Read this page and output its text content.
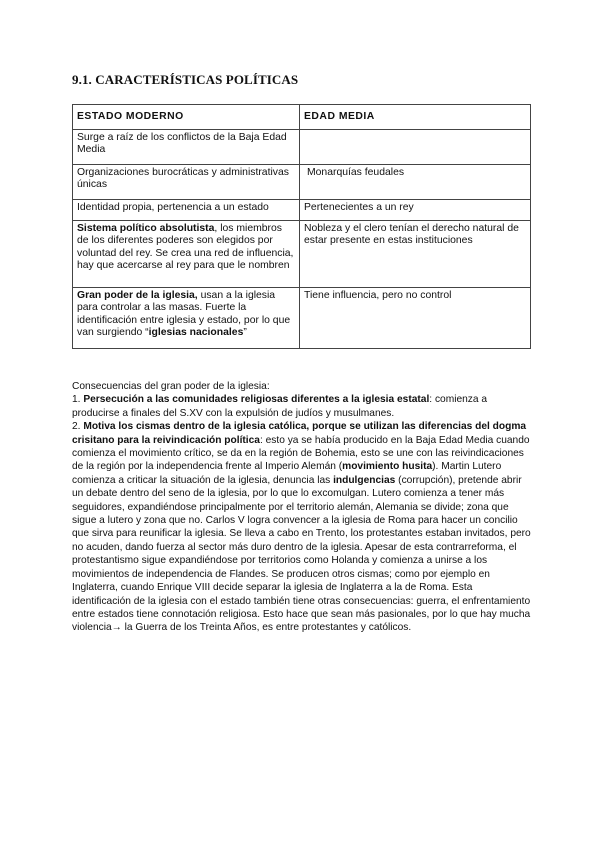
9.1. CARACTERÍSTICAS POLÍTICAS
ESTADO MODERNO	EDAD MEDIA
Surge a raíz de los conflictos de la Baja Edad Media	
Organizaciones burocráticas y administrativas únicas	Monarquías feudales
Identidad propia, pertenencia a un estado	Pertenecientes a un rey
Sistema político absolutista, los miembros de los diferentes poderes son elegidos por voluntad del rey. Se crea una red de influencia, hay que acercarse al rey para que le nombren	Nobleza y el clero tenían el derecho natural de estar presente en estas instituciones
Gran poder de la iglesia, usan a la iglesia para controlar a las masas. Fuerte la identificación entre iglesia y estado, por lo que van surgiendo “iglesias nacionales”	Tiene influencia, pero no control

Consecuencias del gran poder de la iglesia:

1. Persecución a las comunidades religiosas diferentes a la iglesia estatal: comienza a producirse a finales del S.XV con la expulsión de judíos y musulmanes.

2. Motiva los cismas dentro de la iglesia católica, porque se utilizan las diferencias del dogma crisitano para la reivindicación política: esto ya se había producido en la Baja Edad Media cuando comienza el movimiento crítico, se da en la región de Bohemia, esto se une con las reivindicaciones de la región por la independencia frente al Imperio Alemán (movimiento husita). Martin Lutero comienza a criticar la situación de la iglesia, denuncia las indulgencias (corrupción), pretende abrir un debate dentro del seno de la iglesia, por lo que lo excomulgan. Lutero comienza a tener más seguidores, expandiéndose principalmente por el territorio alemán, Alemania se divide; zona que sigue a lutero y zona que no. Carlos V logra convencer a la iglesia de Roma para hacer un concilio que sirva para reunificar la iglesia. Se lleva a cabo en Trento, los protestantes estaban invitados, pero no acuden, dando fuerza al sector más duro dentro de la iglesia. Apesar de esta contrarreforma, el protestantismo sigue expandiéndose por territorios como Holanda y comienza a unirse a los movimientos de independencia de Flandes. Se producen otros cismas; como por ejemplo en Inglaterra, cuando Enrique VIII decide separar la iglesia de Inglaterra a la de Roma. Esta identificación de la iglesia con el estado también tiene otras consecuencias: guerra, el enfrentamiento entre estados tiene connotación religiosa. Esto hace que sean más pasionales, por lo que hay mucha violencia→ la Guerra de los Treinta Años, es entre protestantes y católicos.
